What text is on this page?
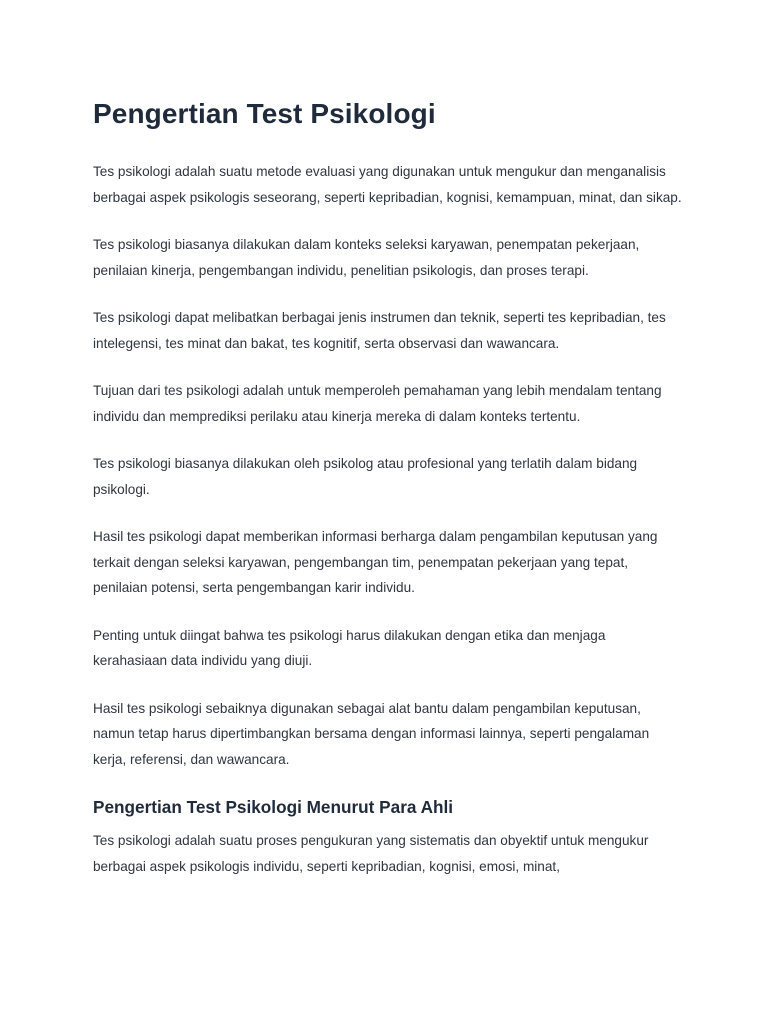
Pengertian Test Psikologi

Tes psikologi adalah suatu metode evaluasi yang digunakan untuk mengukur dan menganalisis berbagai aspek psikologis seseorang, seperti kepribadian, kognisi, kemampuan, minat, dan sikap.

Tes psikologi biasanya dilakukan dalam konteks seleksi karyawan, penempatan pekerjaan, penilaian kinerja, pengembangan individu, penelitian psikologis, dan proses terapi.

Tes psikologi dapat melibatkan berbagai jenis instrumen dan teknik, seperti tes kepribadian, tes intelegensi, tes minat dan bakat, tes kognitif, serta observasi dan wawancara.

Tujuan dari tes psikologi adalah untuk memperoleh pemahaman yang lebih mendalam tentang individu dan memprediksi perilaku atau kinerja mereka di dalam konteks tertentu.

Tes psikologi biasanya dilakukan oleh psikolog atau profesional yang terlatih dalam bidang psikologi.

Hasil tes psikologi dapat memberikan informasi berharga dalam pengambilan keputusan yang terkait dengan seleksi karyawan, pengembangan tim, penempatan pekerjaan yang tepat, penilaian potensi, serta pengembangan karir individu.

Penting untuk diingat bahwa tes psikologi harus dilakukan dengan etika dan menjaga kerahasiaan data individu yang diuji.

Hasil tes psikologi sebaiknya digunakan sebagai alat bantu dalam pengambilan keputusan, namun tetap harus dipertimbangkan bersama dengan informasi lainnya, seperti pengalaman kerja, referensi, dan wawancara.

Pengertian Test Psikologi Menurut Para Ahli

Tes psikologi adalah suatu proses pengukuran yang sistematis dan obyektif untuk mengukur berbagai aspek psikologis individu, seperti kepribadian, kognisi, emosi, minat,
